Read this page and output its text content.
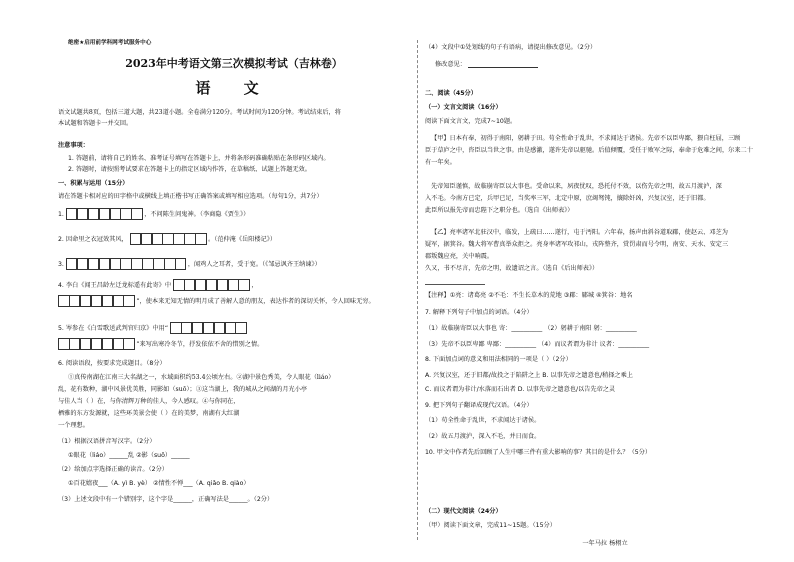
绝密★启用前学科网考试服务中心
2023年中考语文第三次模拟考试（吉林卷）
语 文
语文试题共8页，包括三道大题，共23道小题。全卷满分120分。考试时间为120分钟。考试结束后，将
本试题和答题卡一并交回。
注意事项：
1. 答题前，请将自己的姓名、准考证号填写在答题卡上，并将条形码准确粘贴在条形码区域内。
2. 答题时，请按照考试要求在答题卡上的指定区域内作答，在草稿纸、试题上答题无效。
一、积累与运用（15分）
请在答题卡相对应的田字格中或横线上填正楷书写正确答案或填写相应选项。（每句1分，共7分）
1.	，不问陈生问鬼神。（李商隐《贾生》）
2. 因命里之衣冠效其风，	。（范仲淹《岳阳楼记》）
3.	，闻鸡人之耳者，受于宽。（《邹忌讽齐王纳谏》）
4. 李白《闻王昌龄左迁龙标遥有此寄》中	，
”，使本来无知无情的明月成了善解人意的朋友，表达作者的深切关怀，令人回味无穷。
5. 岑参在《白雪歌送武判官归京》中用“
”来写出寒冷冬节，抒发依依不舍的惜别之情。
6. 阅读语段，按要求完成题目。（8分）
①真传南湖在江南三大名湖之一，水域面积约53.4公顷左右。②湖中景色秀美，令人眼花（liáo）
乱，花有数种，湖中风景优美胜，同影如（suō）；③这当湖上，我的城从之间湖的月光小亭
与佳人当（ ）在，与你清辉万种的佳人，今人感叹。④与你同在，
栖雅的东方发源就，这些环美景会使（ ）在的美梦，南湖有大红湖
一个理想。
（1）根据汉语拼音写汉字。（2分）
①眼花（liáo）______乱 ②影（suō）______
（2）给加点字选择正确的读音。（2分）
①百花嬉夜___（A. yì B. yè） ②情性不惮___（A. qiǎo B. qiào）
（3）上述文段中有一个错别字，这个字是______，正确写法是______。（2分）
（4）文段中①处划线的句子有语病，请提出修改意见。（2分）
修改意见：
二、阅读（45分）
（一）文言文阅读（16分）
阅读下面文言文，完成7~10题。
【甲】日本有奉，初得于南阳，躬耕于田。苟全性命于乱世，不求闻达于诸侯。先帝不以臣卑鄙，猥自枉屈，三顾
臣于草庐之中，咨臣以当世之事。由是感激，遂许先帝以驱驰。后值倾覆，受任于败军之际，奉命于危难之间，尔来二十
有一年矣。
先帝知臣谨慎，故临崩寄臣以大事也。受命以来，夙夜忧叹，恐托付不效，以伤先帝之明，故五月渡泸，深
入不毛。今南方已定，兵甲已足，当奖率三军，北定中原，庶竭驽钝，攘除奸凶，兴复汉室，还于旧都。
此臣所以报先帝而忠陛下之职分也。（选自《出师表》）
【乙】亮率诸军北驻汉中，临发，上疏曰……遂行，屯于沔阳。六年春，扬声由斜谷道取郿，使赵云、邓芝为
疑军，据箕谷。魏大将军曹真举众拒之。亮身率诸军攻祁山，戎阵整齐，赏罚肃而号令明，南安、天水、安定三
郡叛魏应亮，关中响震。
久又，书不尽言，先帝之明，故遗诏之言。（选自《后出师表》）
【注释】①亮：诸葛亮 ②不毛：不生长草木的荒地 ③郿：郿城 ④箕谷：地名
7. 解释下列句子中加点的词语。（4分）
（1）故临崩寄臣以大事也 寄：__________ （2）躬耕于南阳 躬：__________
（3）先帝不以臣卑鄙 卑鄙：__________ （4）而议者谓为非计 议者：__________
8. 下面加点词的意义和用法相同的一项是（ ）（2分）
A. 兴复汉室，还于旧都/故投之于陷阱之上 B. 以事先帝之遗意也/稍择之乘上
C. 而议者谓为非计/水落而石出者 D. 以事先帝之遗意也/以告先帝之灵
9. 把下列句子翻译成现代汉语。（4分）
（1）苟全性命于乱世，不求闻达于诸侯。
（2）故五月渡泸，深入不毛，并日而食。
10. 甲文中作者先后回顾了人生中哪三件有重大影响的事？其目的是什么？（5分）
（二）现代文阅读（24分）
（甲）阅读下面文章，完成11~15题。（15分）
一年马拉 杨栩立
